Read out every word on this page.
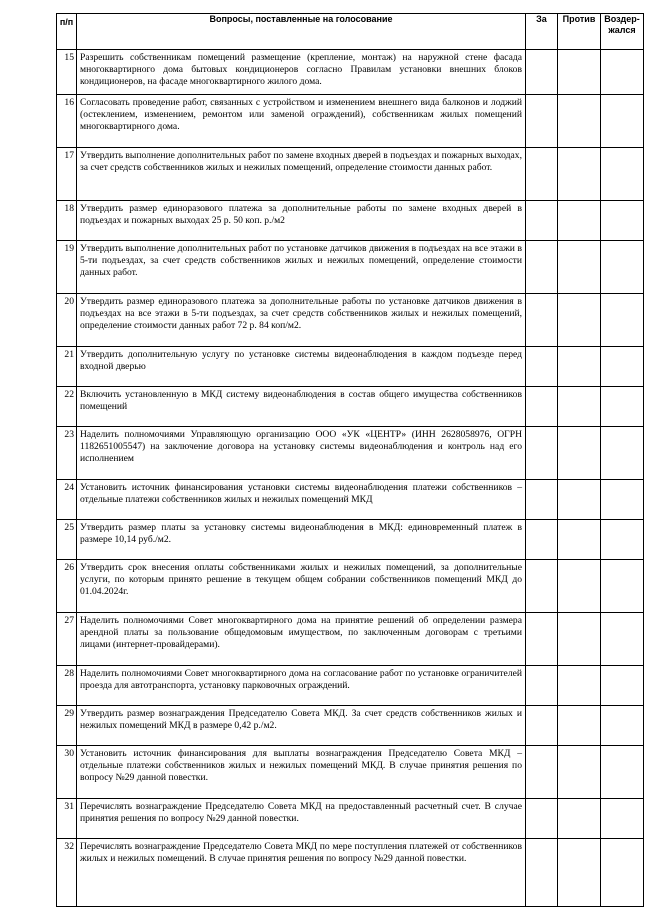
п/п	Вопросы, поставленные на голосование	За	Против	Воздер-жался
15	Разрешить собственникам помещений размещение (крепление, монтаж) на наружной стене фасада многоквартирного дома бытовых кондиционеров согласно Правилам установки внешних блоков кондиционеров, на фасаде многоквартирного жилого дома.			
16	Согласовать проведение работ, связанных с устройством и изменением внешнего вида балконов и лоджий (остеклением, изменением, ремонтом или заменой ограждений), собственникам жилых помещений многоквартирного дома.			
17	Утвердить выполнение дополнительных работ по замене входных дверей в подъездах и пожарных выходах, за счет средств собственников жилых и нежилых помещений, определение стоимости данных работ.			
18	Утвердить размер единоразового платежа за дополнительные работы по замене входных дверей в подъездах и пожарных выходах 25 р. 50 коп. р./м2			
19	Утвердить выполнение дополнительных работ по установке датчиков движения в подъездах на все этажи в 5-ти подъездах, за счет средств собственников жилых и нежилых помещений, определение стоимости данных работ.			
20	Утвердить размер единоразового платежа за дополнительные работы по установке датчиков движения в подъездах на все этажи в 5-ти подъездах, за счет средств собственников жилых и нежилых помещений, определение стоимости данных работ 72 р. 84 коп/м2.			
21	Утвердить дополнительную услугу по установке системы видеонаблюдения в каждом подъезде перед входной дверью			
22	Включить установленную в МКД систему видеонаблюдения в состав общего имущества собственников помещений			
23	Наделить полномочиями Управляющую организацию ООО «УК «ЦЕНТР» (ИНН 2628058976, ОГРН 1182651005547) на заключение договора на установку системы видеонаблюдения и контроль над его исполнением			
24	Установить источник финансирования установки системы видеонаблюдения платежи собственников – отдельные платежи собственников жилых и нежилых помещений МКД			
25	Утвердить размер платы за установку системы видеонаблюдения в МКД: единовременный платеж в размере 10,14 руб./м2.			
26	Утвердить срок внесения оплаты собственниками жилых и нежилых помещений, за дополнительные услуги, по которым принято решение в текущем общем собрании собственников помещений МКД до 01.04.2024г.			
27	Наделить полномочиями Совет многоквартирного дома на принятие решений об определении размера арендной платы за пользование общедомовым имуществом, по заключенным договорам с третьими лицами (интернет-провайдерами).			
28	Наделить полномочиями Совет многоквартирного дома на согласование работ по установке ограничителей проезда для автотранспорта, установку парковочных ограждений.			
29	Утвердить размер вознаграждения Председателю Совета МКД. За счет средств собственников жилых и нежилых помещений МКД в размере 0,42 р./м2.			
30	Установить источник финансирования для выплаты вознаграждения Председателю Совета МКД – отдельные платежи собственников жилых и нежилых помещений МКД. В случае принятия решения по вопросу №29 данной повестки.			
31	Перечислять вознаграждение Председателю Совета МКД на предоставленный расчетный счет. В случае принятия решения по вопросу №29 данной повестки.			
32	Перечислять вознаграждение Председателю Совета МКД по мере поступления платежей от собственников жилых и нежилых помещений. В случае принятия решения по вопросу №29 данной повестки.			
